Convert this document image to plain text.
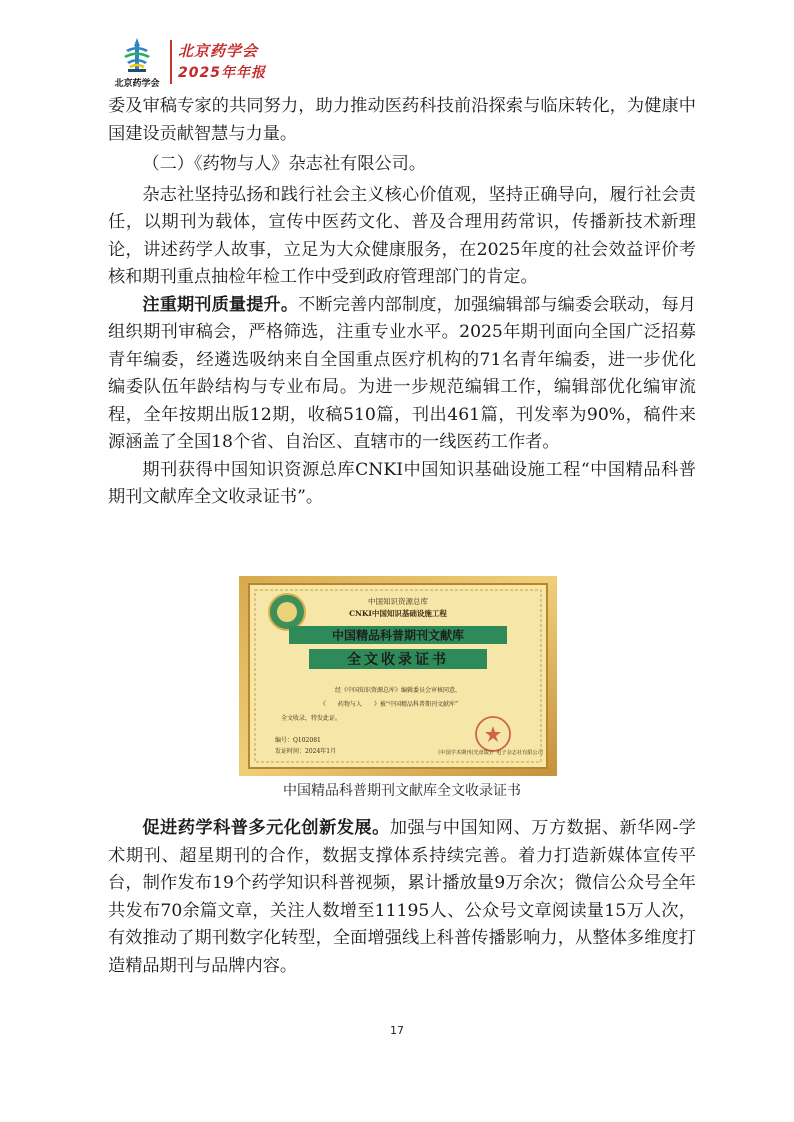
北京药学会
北京药学会
2025年年报

委及审稿专家的共同努力，助力推动医药科技前沿探索与临床转化，为健康中国建设贡献智慧与力量。

（二）《药物与人》杂志社有限公司。

杂志社坚持弘扬和践行社会主义核心价值观，坚持正确导向，履行社会责任，以期刊为载体，宣传中医药文化、普及合理用药常识，传播新技术新理论，讲述药学人故事，立足为大众健康服务，在2025年度的社会效益评价考核和期刊重点抽检年检工作中受到政府管理部门的肯定。

注重期刊质量提升。不断完善内部制度，加强编辑部与编委会联动，每月组织期刊审稿会，严格筛选，注重专业水平。2025年期刊面向全国广泛招募青年编委，经遴选吸纳来自全国重点医疗机构的71名青年编委，进一步优化编委队伍年龄结构与专业布局。为进一步规范编辑工作，编辑部优化编审流程，全年按期出版12期，收稿510篇，刊出461篇，刊发率为90%，稿件来源涵盖了全国18个省、自治区、直辖市的一线医药工作者。

期刊获得中国知识资源总库CNKI中国知识基础设施工程“中国精品科普期刊文献库全文收录证书”。

中国知识资源总库
CNKI中国知识基础设施工程
中国精品科普期刊文献库
全文收录证书
经《中国知识资源总库》编辑委员会审核同意，
《　　药物与人　　》被“中国精品科普期刊文献库”
全文收录，特发此证。
编号：Q102081
发证时间：2024年1月	《中国学术期刊(光盘版)》电子杂志社有限公司
中国精品科普期刊文献库全文收录证书

促进药学科普多元化创新发展。加强与中国知网、万方数据、新华网-学术期刊、超星期刊的合作，数据支撑体系持续完善。着力打造新媒体宣传平台，制作发布19个药学知识科普视频，累计播放量9万余次；微信公众号全年共发布70余篇文章，关注人数增至11195人、公众号文章阅读量15万人次，有效推动了期刊数字化转型，全面增强线上科普传播影响力，从整体多维度打造精品期刊与品牌内容。

17
